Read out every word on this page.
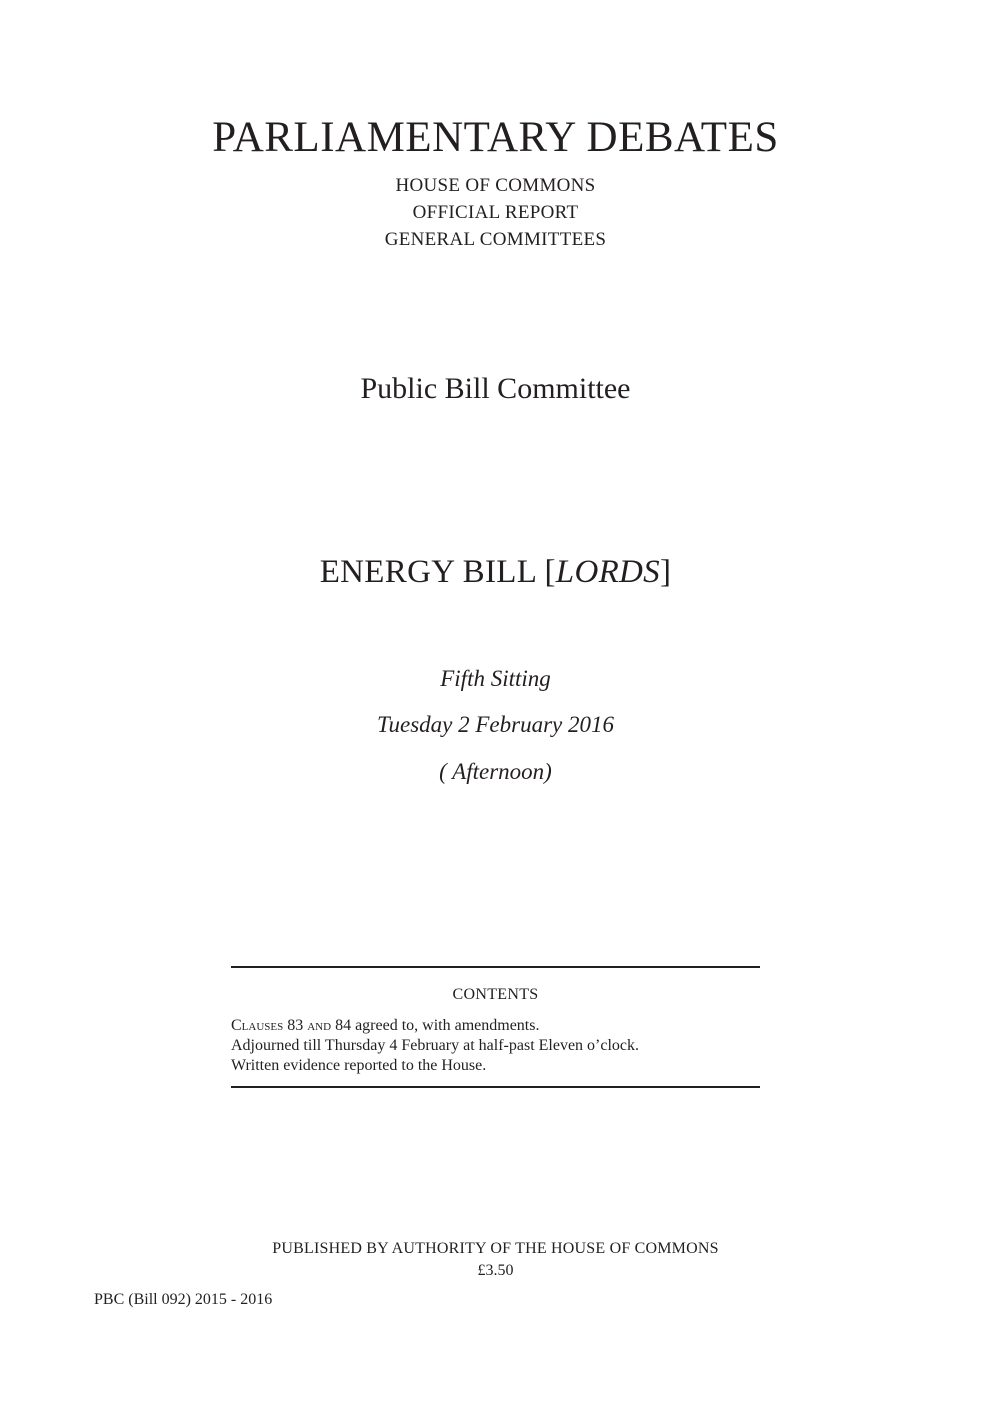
PARLIAMENTARY DEBATES
HOUSE OF COMMONS
OFFICIAL REPORT
GENERAL COMMITTEES
Public Bill Committee
ENERGY BILL [LORDS]
Fifth Sitting
Tuesday 2 February 2016
( Afternoon)
CONTENTS
Clauses 83 and 84 agreed to, with amendments.
Adjourned till Thursday 4 February at half-past Eleven o’clock.
Written evidence reported to the House.
PUBLISHED BY AUTHORITY OF THE HOUSE OF COMMONS
£3.50
PBC (Bill 092) 2015 - 2016
